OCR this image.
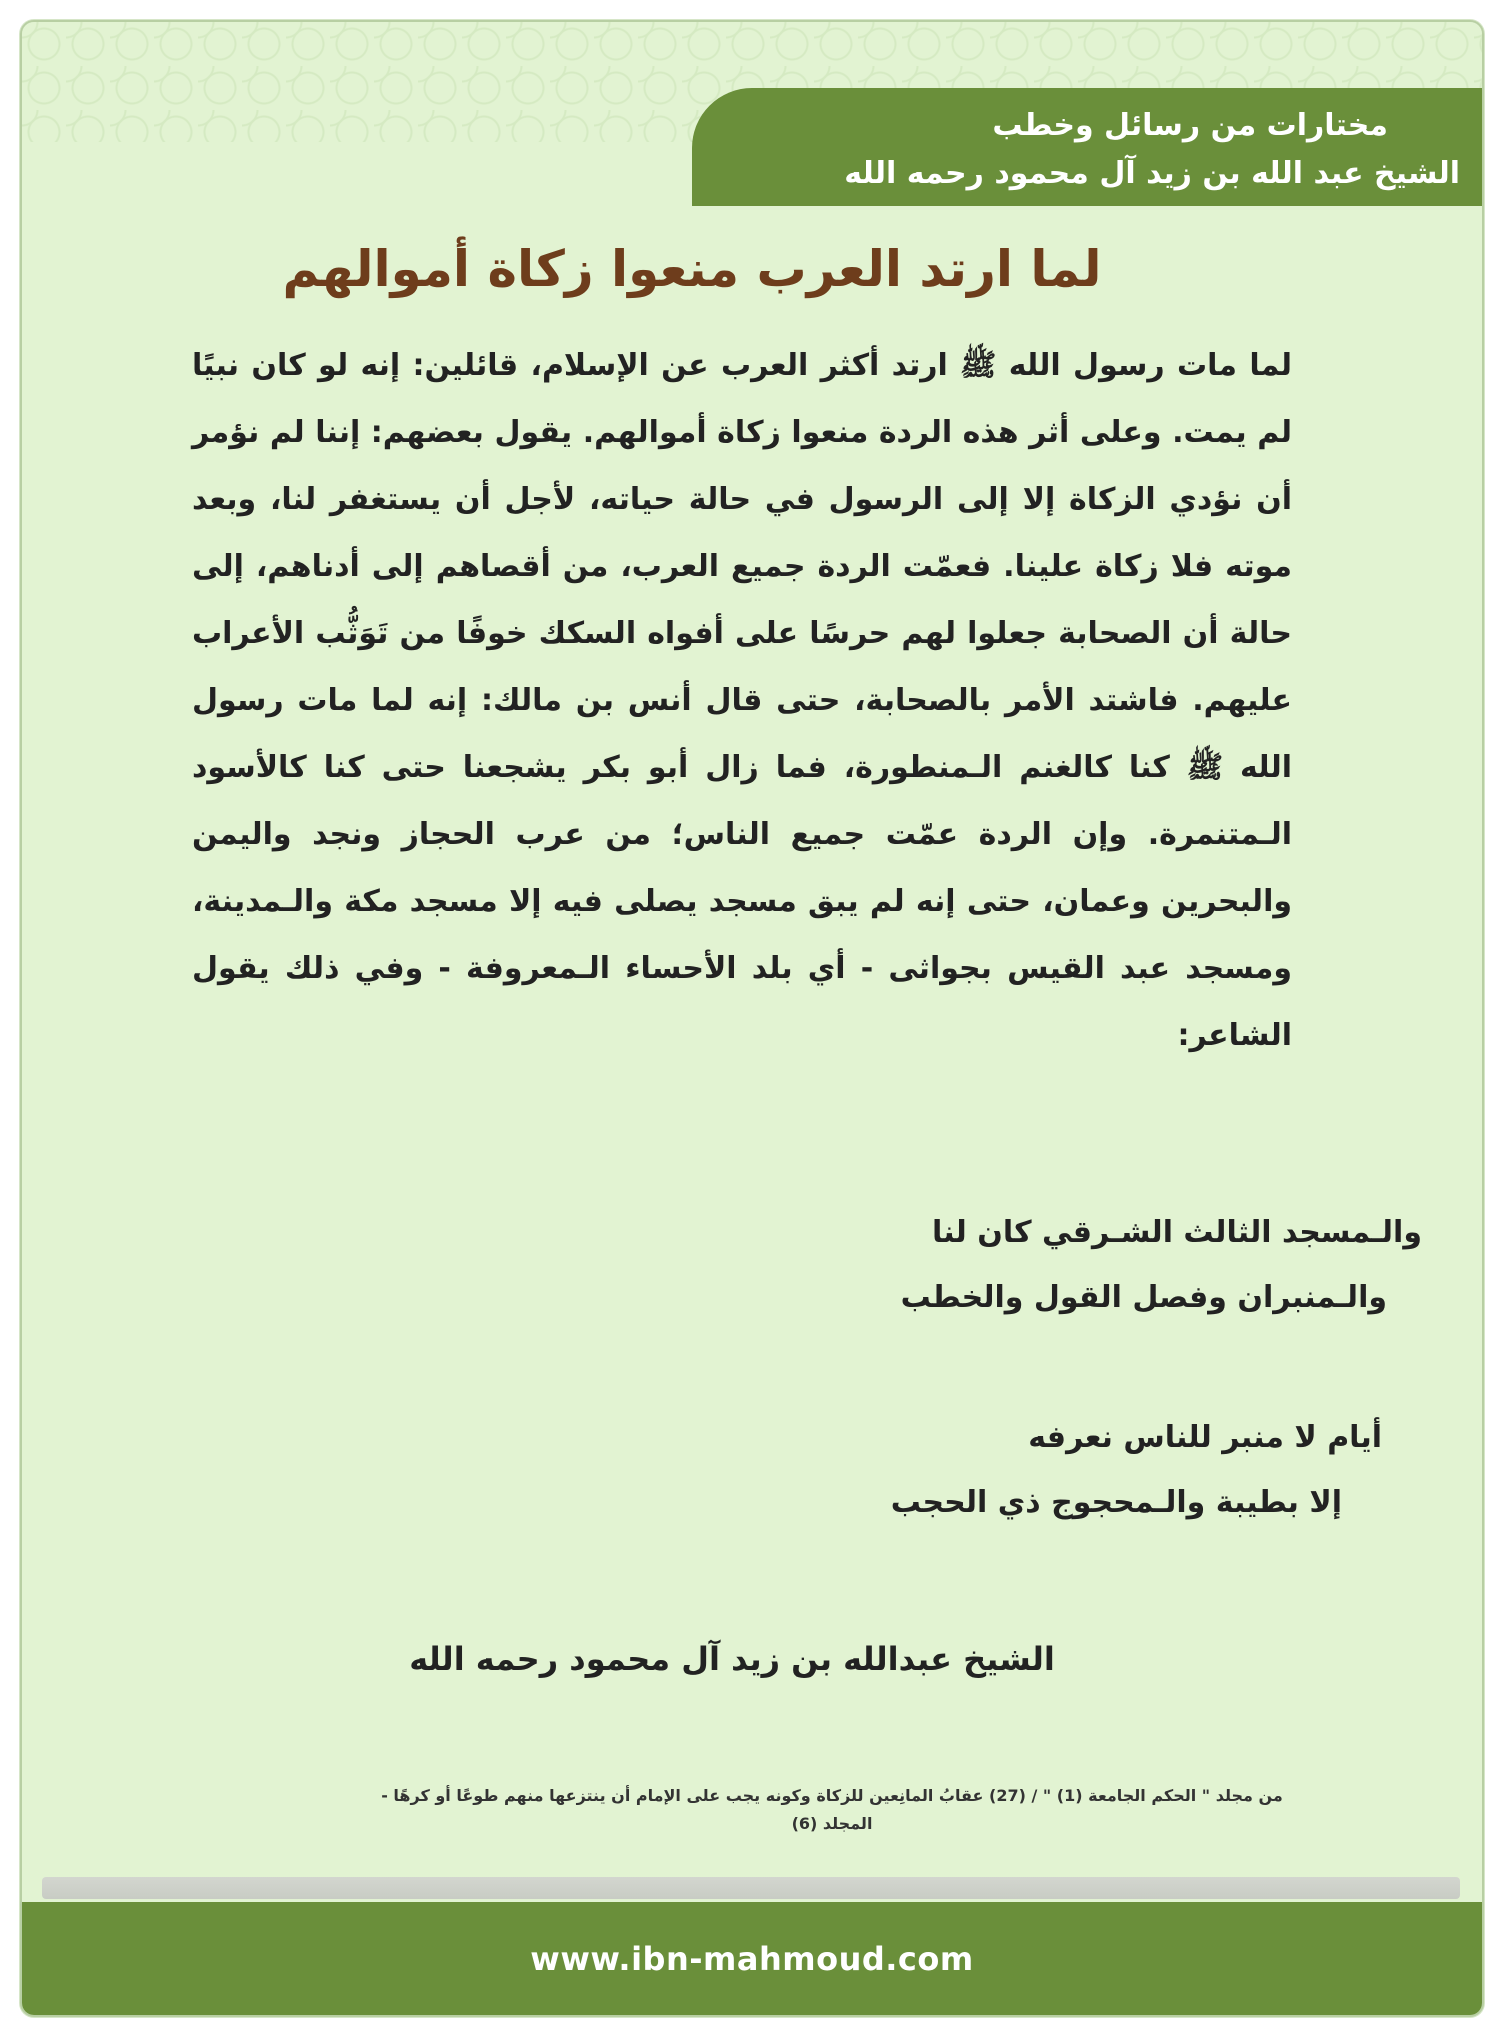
مختارات من رسائل وخطب
الشيخ عبد الله بن زيد آل محمود رحمه الله
لما ارتد العرب منعوا زكاة أموالهم
لما مات رسول الله ﷺ ارتد أكثر العرب عن الإسلام، قائلين: إنه لو كان نبيًا لم يمت. وعلى أثر هذه الردة منعوا زكاة أموالهم. يقول بعضهم: إننا لم نؤمر أن نؤدي الزكاة إلا إلى الرسول في حالة حياته، لأجل أن يستغفر لنا، وبعد موته فلا زكاة علينا. فعمّت الردة جميع العرب، من أقصاهم إلى أدناهم، إلى حالة أن الصحابة جعلوا لهم حرسًا على أفواه السكك خوفًا من تَوَثُّب الأعراب عليهم. فاشتد الأمر بالصحابة، حتى قال أنس بن مالك: إنه لما مات رسول الله ﷺ كنا كالغنم الـمنطورة، فما زال أبو بكر يشجعنا حتى كنا كالأسود الـمتنمرة. وإن الردة عمّت جميع الناس؛ من عرب الحجاز ونجد واليمن والبحرين وعمان، حتى إنه لم يبق مسجد يصلى فيه إلا مسجد مكة والـمدينة، ومسجد عبد القيس بجواثى - أي بلد الأحساء الـمعروفة - وفي ذلك يقول الشاعر:
والـمسجد الثالث الشـرقي كان لنا
والـمنبران وفصل القول والخطب
أيام لا منبر للناس نعرفه
إلا بطيبة والـمحجوج ذي الحجب
الشيخ عبدالله بن زيد آل محمود رحمه الله
من مجلد " الحكم الجامعة (1) " / (27) عقابُ المانِعين للزكاة وكونه يجب على الإمام أن ينتزعها منهم طوعًا أو كرهًا -
المجلد (6)
www.ibn-mahmoud.com
